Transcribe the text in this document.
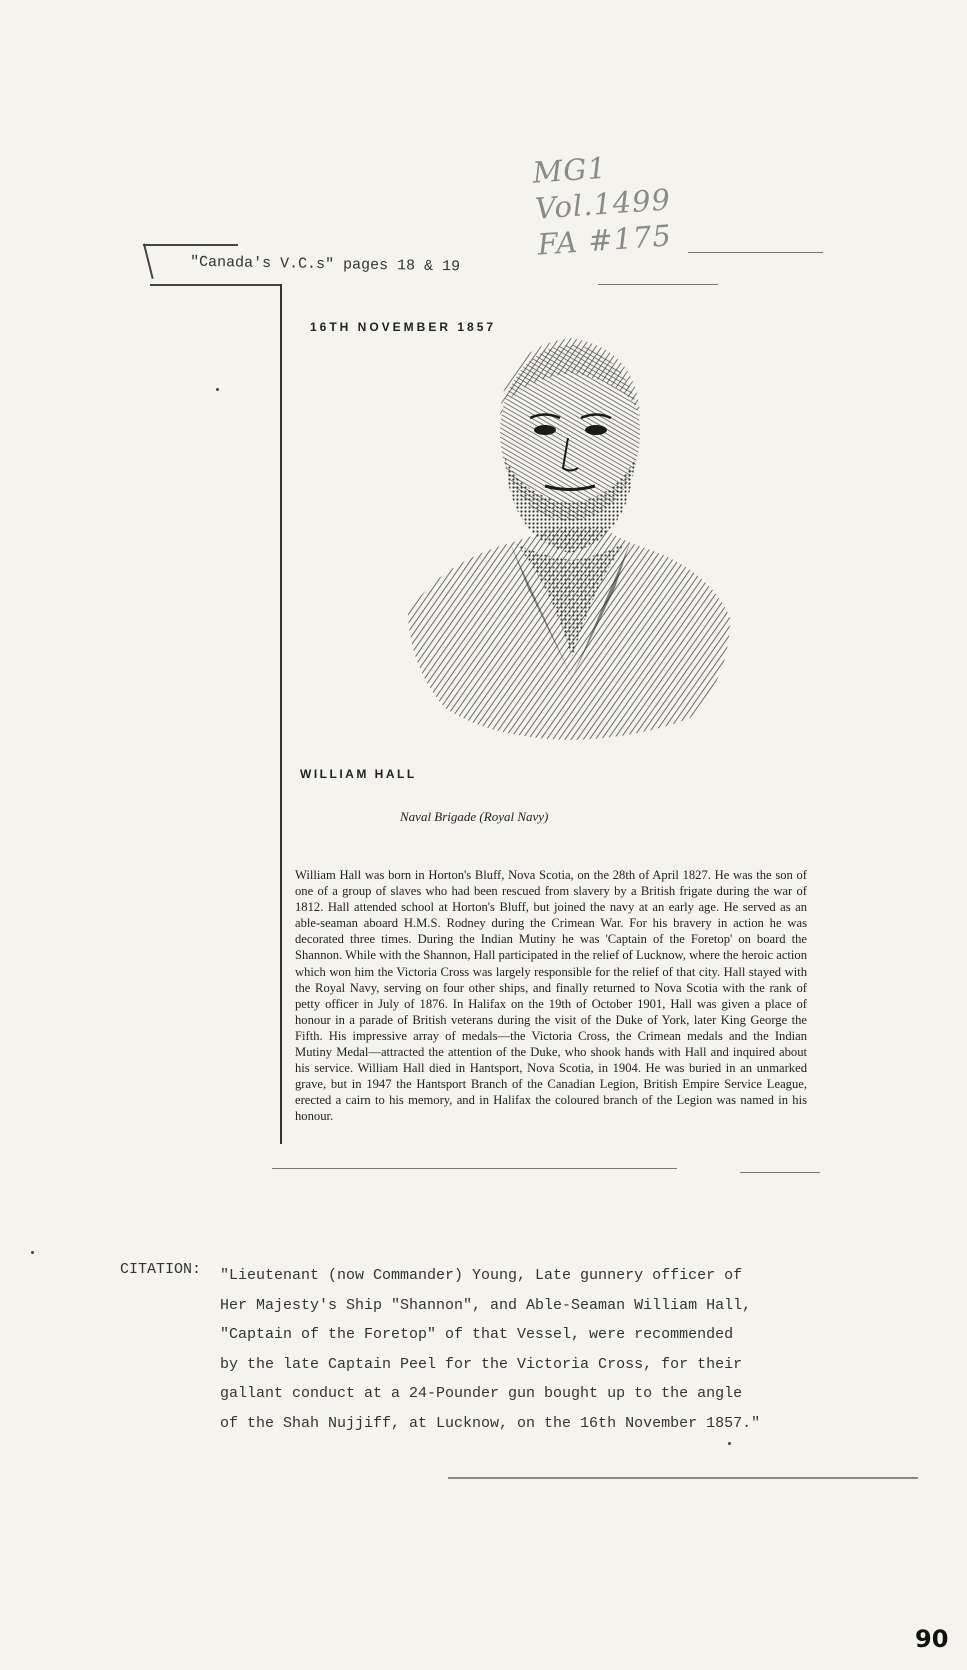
MG1
Vol.1499
FA #175
"Canada's V.C.s" pages 18 & 19
16TH NOVEMBER 1857
WILLIAM HALL
Naval Brigade (Royal Navy)
William Hall was born in Horton's Bluff, Nova Scotia, on the 28th of April 1827. He was the son of one of a group of slaves who had been rescued from slavery by a British frigate during the war of 1812. Hall attended school at Horton's Bluff, but joined the navy at an early age. He served as an able-seaman aboard H.M.S. Rodney during the Crimean War. For his bravery in action he was decorated three times. During the Indian Mutiny he was 'Captain of the Foretop' on board the Shannon. While with the Shannon, Hall participated in the relief of Lucknow, where the heroic action which won him the Victoria Cross was largely responsible for the relief of that city. Hall stayed with the Royal Navy, serving on four other ships, and finally returned to Nova Scotia with the rank of petty officer in July of 1876. In Halifax on the 19th of October 1901, Hall was given a place of honour in a parade of British veterans during the visit of the Duke of York, later King George the Fifth. His impressive array of medals—the Victoria Cross, the Crimean medals and the Indian Mutiny Medal—attracted the attention of the Duke, who shook hands with Hall and inquired about his service. William Hall died in Hantsport, Nova Scotia, in 1904. He was buried in an unmarked grave, but in 1947 the Hantsport Branch of the Canadian Legion, British Empire Service League, erected a cairn to his memory, and in Halifax the coloured branch of the Legion was named in his honour.
CITATION: "Lieutenant (now Commander) Young, Late gunnery officer of
Her Majesty's Ship "Shannon", and Able-Seaman William Hall,
"Captain of the Foretop" of that Vessel, were recommended
by the late Captain Peel for the Victoria Cross, for their
gallant conduct at a 24-Pounder gun bought up to the angle
of the Shah Nujjiff, at Lucknow, on the 16th November 1857."
90
